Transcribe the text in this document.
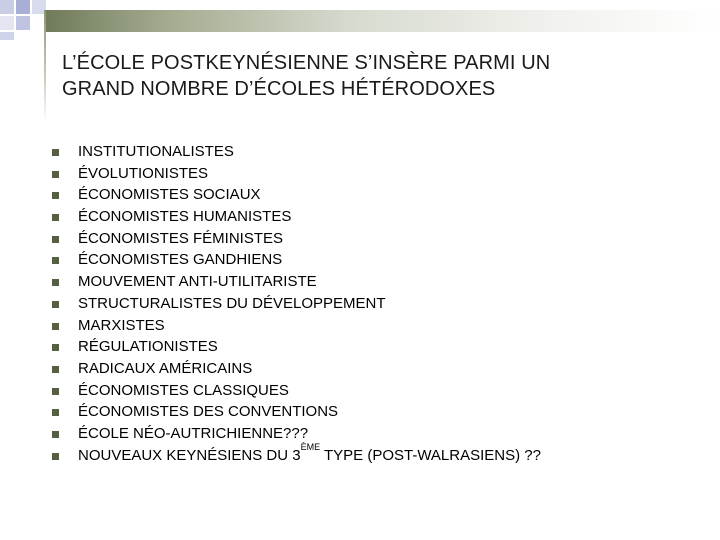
L’ÉCOLE POSTKEYNÉSIENNE S’INSÈRE PARMI UN
GRAND NOMBRE D’ÉCOLES HÉTÉRODOXES
INSTITUTIONALISTES
ÉVOLUTIONISTES
ÉCONOMISTES SOCIAUX
ÉCONOMISTES HUMANISTES
ÉCONOMISTES FÉMINISTES
ÉCONOMISTES GANDHIENS
MOUVEMENT ANTI-UTILITARISTE
STRUCTURALISTES DU DÉVELOPPEMENT
MARXISTES
RÉGULATIONISTES
RADICAUX AMÉRICAINS
ÉCONOMISTES CLASSIQUES
ÉCONOMISTES DES CONVENTIONS
ÉCOLE NÉO-AUTRICHIENNE???
NOUVEAUX KEYNÉSIENS DU 3ÈME TYPE (POST-WALRASIENS) ??
